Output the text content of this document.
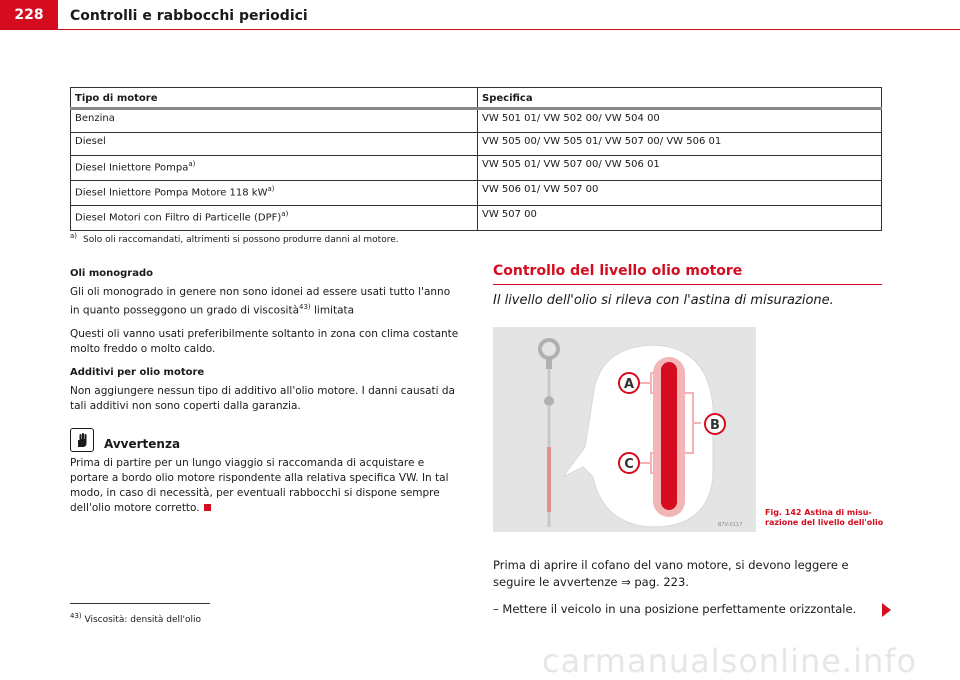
228	Controlli e rabbocchi periodici
Tipo di motore	Specifica
Benzina	VW 501 01/ VW 502 00/ VW 504 00
Diesel	VW 505 00/ VW 505 01/ VW 507 00/ VW 506 01
Diesel Iniettore Pompa$^{a)}$	VW 505 01/ VW 507 00/ VW 506 01
Diesel Iniettore Pompa Motore 118 $kW^{a)}$	VW 506 01/ VW 507 00
Diesel Motori con Filtro di Particelle (DPF)$^{a)}$	VW 507 00
$^{a)}$ Solo oli raccomandati, altrimenti si possono produrre danni al motore.
Oli monogrado

Gli oli monogrado in genere non sono idonei ad essere usati tutto l'anno in quanto posseggono un grado di viscosità$^{43)}$ limitata

Questi oli vanno usati preferibilmente soltanto in zona con clima costante molto freddo o molto caldo.

Additivi per olio motore

Non aggiungere nessun tipo di additivo all'olio motore. I danni causati da tali additivi non sono coperti dalla garanzia.

Avvertenza

Prima di partire per un lungo viaggio si raccomanda di acquistare e portare a bordo olio motore rispondente alla relativa specifica VW. In tal modo, in caso di necessità, per eventuali rabbocchi si dispone sempre dell'olio motore corretto.

$^{43)}$ Viscosità: densità dell'olio
Controllo del livello olio motore
Il livello dell'olio si rileva con l'astina di misurazione.
A
B
C
B7V-0117
Fig. 142 Astina di misu-
razione del livello dell'olio
Prima di aprire il cofano del vano motore, si devono leggere e seguire le avvertenze ⇒ pag. 223.
– Mettere il veicolo in una posizione perfettamente orizzontale.
carmanualsonline.info
